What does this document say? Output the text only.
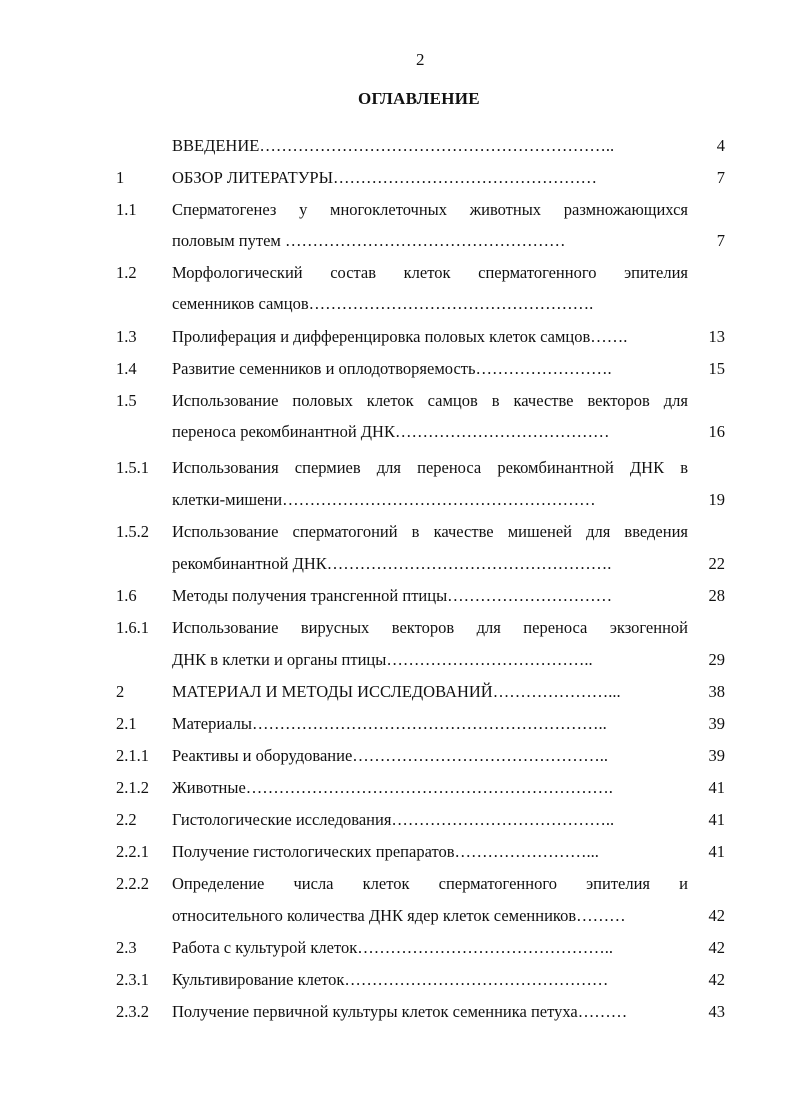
2
ОГЛАВЛЕНИЕ
ВВЕДЕНИЕ………………………………………………………..	4
1	ОБЗОР ЛИТЕРАТУРЫ…………………………………………	7
1.1 Сперматогенез у многоклеточных животных размножающихся
половым путем ……………………………………………	7
1.2 Морфологический состав клеток сперматогенного эпителия
семенников самцов…………………………………………….
1.3 Пролиферация и дифференцировка половых клеток самцов…….	13
1.4 Развитие семенников и оплодотворяемость…………………….	15
1.5 Использование половых клеток самцов в качестве векторов для
переноса рекомбинантной ДНК…………………………………	16
1.5.1 Использования спермиев для переноса рекомбинантной ДНК в
клетки-мишени…………………………………………………	19
1.5.2 Использование сперматогоний в качестве мишеней для введения
рекомбинантной ДНК…………………………………………….	22
1.6 Методы получения трансгенной птицы…………………………	28
1.6.1 Использование вирусных векторов для переноса экзогенной
ДНК в клетки и органы птицы………………………………..	29
2	МАТЕРИАЛ И МЕТОДЫ ИССЛЕДОВАНИЙ…………………...	38
2.1 Материалы………………………………………………………..	39
2.1.1 Реактивы и оборудование………………………………………..	39
2.1.2 Животные………………………………………………………….	41
2.2 Гистологические исследования…………………………………..	41
2.2.1 Получение гистологических препаратов……………………...	41
2.2.2 Определение числа клеток сперматогенного эпителия и
относительного количества ДНК ядер клеток семенников………	42
2.3 Работа с культурой клеток………………………………………..	42
2.3.1 Культивирование клеток…………………………………………	42
2.3.2 Получение первичной культуры клеток семенника петуха………	43
